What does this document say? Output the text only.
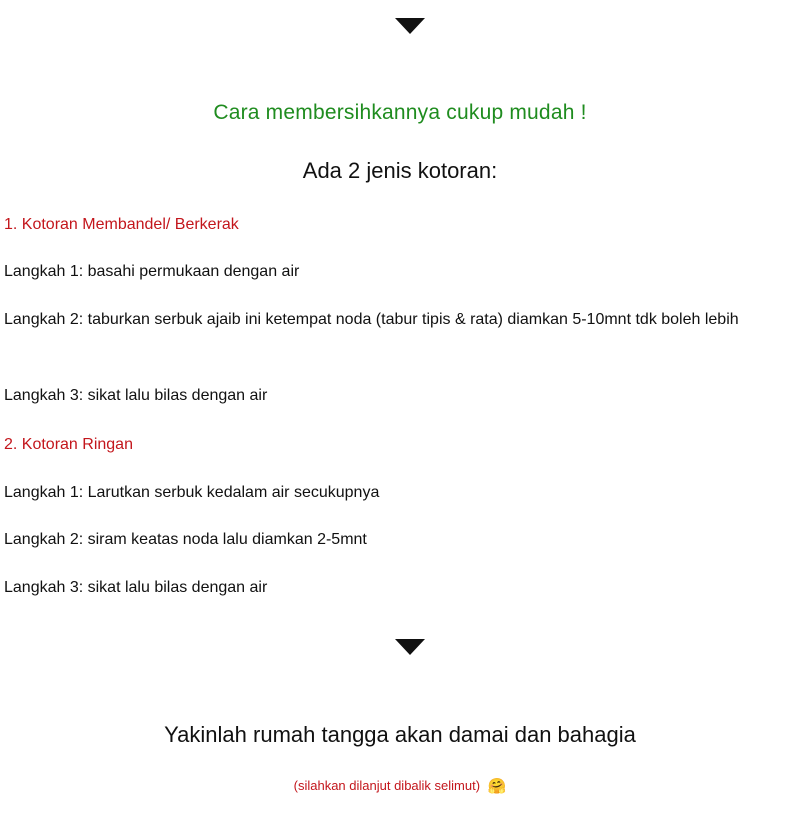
Cara membersihkannya cukup mudah !
Ada 2 jenis kotoran:
1. Kotoran Membandel/ Berkerak
Langkah 1: basahi permukaan dengan air
Langkah 2: taburkan serbuk ajaib ini ketempat noda (tabur tipis & rata) diamkan 5-10mnt tdk boleh lebih
Langkah 3: sikat lalu bilas dengan air
2. Kotoran Ringan
Langkah 1: Larutkan serbuk kedalam air secukupnya
Langkah 2: siram keatas noda lalu diamkan 2-5mnt
Langkah 3: sikat lalu bilas dengan air
Yakinlah rumah tangga akan damai dan bahagia
(silahkan dilanjut dibalik selimut) 🤗
